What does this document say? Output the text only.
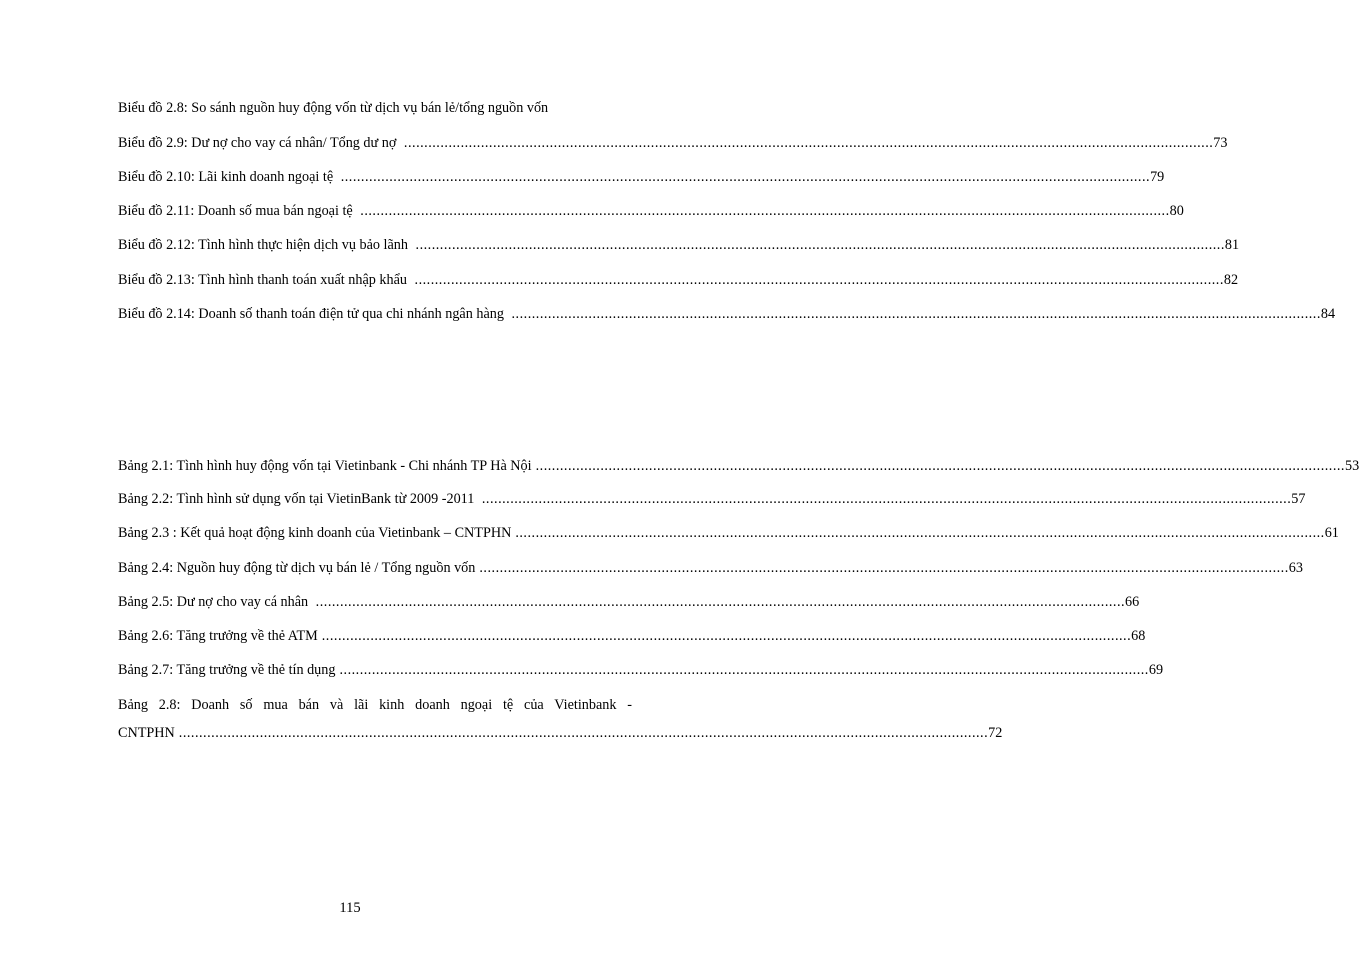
Biểu đồ 2.8: So sánh nguồn huy động vốn từ dịch vụ bán lẻ/tổng nguồn vốn
Biểu đồ 2.9: Dư nợ cho vay cá nhân/ Tổng dư nợ ........................................................................................................................................................................................................ 73
Biểu đồ 2.10: Lãi kinh doanh ngoại tệ ........................................................................................................................................................................................................ 79
Biểu đồ 2.11: Doanh số mua bán ngoại tệ ........................................................................................................................................................................................................ 80
Biểu đồ 2.12: Tình hình thực hiện dịch vụ bảo lãnh ........................................................................................................................................................................................................ 81
Biểu đồ 2.13: Tình hình thanh toán xuất nhập khẩu ........................................................................................................................................................................................................ 82
Biểu đồ 2.14: Doanh số thanh toán điện tử qua chi nhánh ngân hàng ........................................................................................................................................................................................................ 84
Bảng 2.1: Tình hình huy động vốn tại Vietinbank - Chi nhánh TP Hà Nội ........................................................................................................................................................................................................ 53
Bảng 2.2: Tình hình sử dụng vốn tại VietinBank từ 2009 -2011 ........................................................................................................................................................................................................ 57
Bảng 2.3 : Kết quả hoạt động kinh doanh của Vietinbank – CNTPHN ........................................................................................................................................................................................................ 61
Bảng 2.4: Nguồn huy động từ dịch vụ bán lẻ / Tổng nguồn vốn ........................................................................................................................................................................................................ 63
Bảng 2.5: Dư nợ cho vay cá nhân ........................................................................................................................................................................................................ 66
Bảng 2.6: Tăng trưởng về thẻ ATM ........................................................................................................................................................................................................ 68
Bảng 2.7: Tăng trưởng về thẻ tín dụng ........................................................................................................................................................................................................ 69
Bảng 2.8: Doanh số mua bán và lãi kinh doanh ngoại tệ của Vietinbank -
CNTPHN ........................................................................................................................................................................................................ 72
115
